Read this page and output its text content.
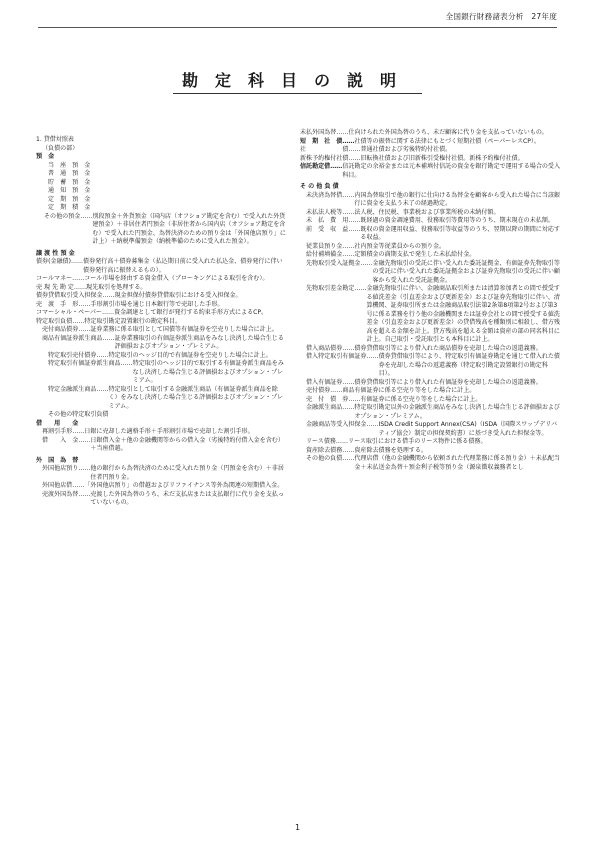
全国銀行財務諸表分析　27年度
勘定科目の説明
1. 貸借対照表
（負債の部）
預　金
当　座　預　金
普　通　預　金
貯　蓄　預　金
通　知　預　金
定　期　預　金
定　期　積　金
その他の預金…… 別段預金＋外貨預金（国内店（オフショア勘定を含む）で受入れた外貨建預金）＋非居住者円預金（非居住者から国内店（オフショア勘定を含む）で受入れた円預金、為替決済のための預り金は「外国他店預り」に計上）＋納税準備預金（納税準備のために受入れた預金）。
譲 渡 性 預 金
債券(金融債)…… 債券発行高＋債券募集金（払込期日前に受入れた払込金、債券発行に伴い債券発行高に振替えるもの）。
コールマネー…… コール市場を経由する資金借入（ブローキングによる取引を含む）。
売 現 先 勘 定……現先取引を処理する。
債券貸借取引受入担保金…… 現金担保付債券貸借取引における受入担保金。
売　渡　手　形……手形割引市場を通じ日本銀行等で売却した手形。
コマーシャル・ペーパー…… 資金調達として銀行が発行する約束手形方式によるCP。
特定取引負債……特定取引勘定設置銀行の勘定科目。
売付商品債券…… 証券業務に係る取引として国債等有価証券を空売りした場合に計上。
商品有価証券派生商品…… 証券業務取引の有価証券派生商品をみなし決済した場合生じる評価損およびオプション・プレミアム。
特定取引売付債券…… 特定取引のヘッジ目的で有価証券を空売りした場合に計上。
特定取引有価証券派生商品…… 特定取引のヘッジ目的で取引する有価証券派生商品をみなし決済した場合生じる評価損およびオプション・プレミアム。
特定金融派生商品…… 特定取引として取引する金融派生商品（有価証券派生商品を除く）をみなし決済した場合生じる評価損およびオプション・プレミアム。
その他の特定取引負債
借　　用　　金
再割引手形…… 日銀に売却した適格手形＋手形割引市場で売却した割引手形。
借　　入　金…… 日銀借入金＋他の金融機関等からの借入金（劣後特約付借入金を含む）＋当座借越。
外　国　為　替
外国他店預り…… 他の銀行から為替決済のために受入れた預り金（円預金を含む）＋非居住者円預り金。
外国他店借…… 「外国他店預り」の借越およびリファイナンス等外為関連の短期借入金。
売渡外国為替…… 売渡した外国為替のうち、未だ支払店または支払銀行に代り金を支払っていないもの。
未払外国為替…… 仕向けられた外国為替のうち、未だ顧客に代り金を支払っていないもの。
短　期　社　債…… 社債等の振替に関する法律にもとづく短期社債（ペーパーレスCP）。
社　　　　　　債……普通社債および劣後特約付社債。
新株予約権付社債……旧転換社債および旧新株引受権付社債。新株予約権付社債。
信託勘定借…… 信託勘定の余裕金または元本補填付信託の資金を銀行勘定で運用する場合の受入科目。
そ の 他 負 債
未決済為替借…… 内国為替取引で他の銀行に仕向ける為替金を顧客から受入れた場合に当該銀行に資金を支払う未了の経過勘定。
未払法人税等…… 法人税、住民税、事業税および事業所税の未納付額。
未　払　費　用…… 既経過の資金調達費用、役務取引等費用等のうち、期末現在の未払額。
前　受　収　益…… 既収の資金運用収益、役務取引等収益等のうち、翌期以降の期間に対応する収益。
従業員預り金……社内預金等従業員からの預り金。
給付補填備金……定額積金の満期支払で発生した未払給付金。
先物取引受入証拠金…… 金融先物取引の受託に伴い受入れた委託証拠金、有価証券先物取引等の受託に伴い受入れた委託証拠金および証券先物取引の受託に伴い顧客から受入れた受託証拠金。
先物取引差金勘定…… 金融先物取引に伴い、金融商品取引所または清算参加者との間で授受する値洗差金（引直差金および更新差金）および証券先物取引に伴い、清算機関、証券取引所または金融商品取引法第2条第8項第2号および第3号に係る業務を行う他の金融機関または証券会社との間で授受する値洗差金（引直差金および更新差金）の貸借残高を種類別に相殺し、借方残高を超える金額を計上。貸方残高を超える金額は資産の部の同名科目に計上。自己取引・受託取引とも本科目に計上。
借入商品債券…… 債券貸借取引等により借入れた商品債券を売却した場合の返還義務。
借入特定取引有価証券…… 債券貸借取引等により、特定取引有価証券勘定を通じて借入れた債券を売却した場合の返還義務（特定取引勘定設置銀行の勘定科目）。
借入有価証券…… 債券貸借取引等により借入れた有価証券を売却した場合の返還義務。
売付債券……商品有価証券に係る空売り等をした場合に計上。
売　付　債　券……有価証券に係る空売り等をした場合に計上。
金融派生商品…… 特定取引勘定以外の金融派生商品をみなし決済した場合生じる評価損およびオプション・プレミアム。
金融商品等受入担保金…… ISDA Credit Support Annex(CSA)（ISDA（国際スワップデリバティブ協会）制定の担保契約書）に基づき受入れた担保金等。
リース債務……リース取引における借手のリース物件に係る債務。
資産除去債務……資産除去債務を処理する。
その他の負債…… 代理店借（他の金融機関から依頼された代理業務に係る預り金）＋未払配当金＋未払送金為替＋預金利子税等預り金（源泉徴収義務者とし
1
